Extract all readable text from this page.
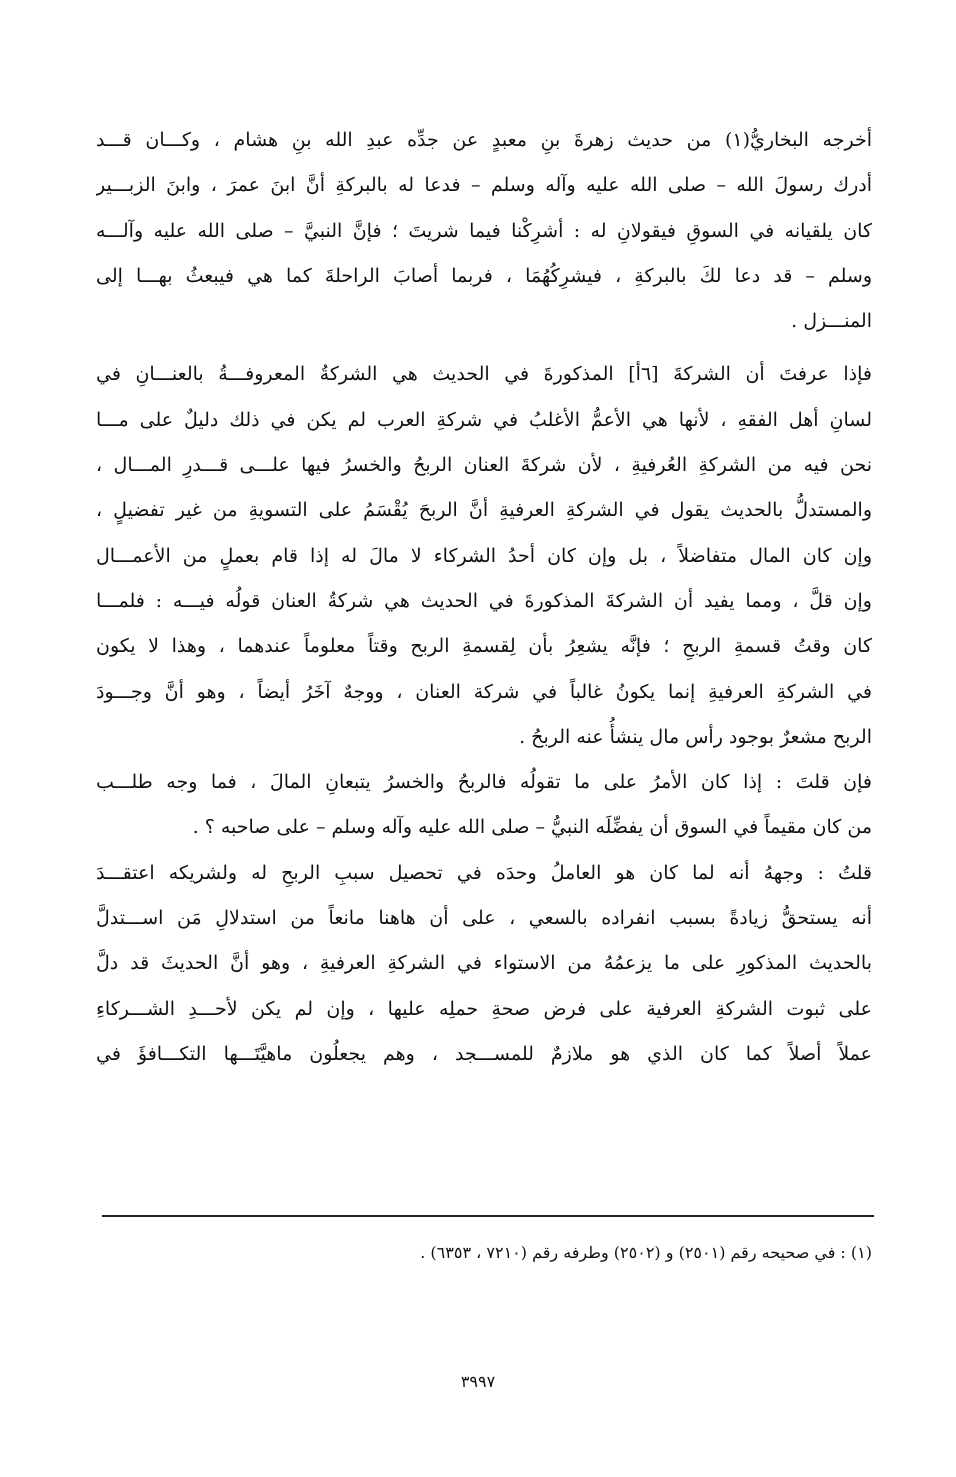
أخرجه البخاريُّ(١) من حديث زهرةَ بنِ معبدٍ عن جدِّه عبدِ الله بنِ هشام ، وكـــان قـــد
أدرك رسولَ الله – صلى الله عليه وآله وسلم – فدعا له بالبركةِ أنَّ ابنَ عمرَ ، وابنَ الزبـــير
كان يلقيانه في السوقِ فيقولانِ له : أشرِكْنا فيما شريتَ ؛ فإنَّ النبيَّ – صلى الله عليه وآلـــه
وسلم – قد دعا لكَ بالبركةِ ، فيشرِكُهُمَا ، فربما أصابَ الراحلةَ كما هي فيبعثُ بهـــا إلى
المنـــزل .
فإذا عرفتَ أن الشركةَ [٦أ] المذكورةَ في الحديث هي الشركةُ المعروفـــةُ بالعنـــانِ في
لسانِ أهل الفقهِ ، لأنها هي الأعمُّ الأغلبُ في شركةِ العرب لم يكن في ذلك دليلٌ على مـــا
نحن فيه من الشركةِ العُرفيةِ ، لأن شركةَ العنان الربحُ والخسرُ فيها علـــى قـــدرِ المـــال ،
والمستدلُّ بالحديث يقول في الشركةِ العرفيةِ أنَّ الربحَ يُقْسَمُ على التسويةِ من غير تفضيلٍ ،
وإن كان المال متفاضلاً ، بل وإن كان أحدُ الشركاء لا مالَ له إذا قام بعملٍ من الأعمـــال
وإن قلَّ ، ومما يفيد أن الشركةَ المذكورةَ في الحديث هي شركةُ العنان قولُه فيـــه : فلمـــا
كان وقتُ قسمةِ الربحِ ؛ فإنَّه يشعِرُ بأن لِقسمةِ الربح وقتاً معلوماً عندهما ، وهذا لا يكون
في الشركةِ العرفيةِ إنما يكونُ غالباً في شركة العنان ، ووجهٌ آخَرُ أيضاً ، وهو أنَّ وجـــودَ
الربح مشعرٌ بوجود رأس مال ينشأُ عنه الربحُ .
فإن قلتَ : إذا كان الأمرُ على ما تقولُه فالربحُ والخسرُ يتبعانِ المالَ ، فما وجه طلـــب
من كان مقيماً في السوق أن يفضِّلَه النبيُّ – صلى الله عليه وآله وسلم – على صاحبه ؟ .
قلتُ : وجههُ أنه لما كان هو العاملُ وحدَه في تحصيل سببِ الربحِ له ولشريكه اعتقـــدَ
أنه يستحقُّ زيادةً بسبب انفراده بالسعي ، على أن هاهنا مانعاً من استدلالِ مَن اســـتدلَّ
بالحديث المذكورِ على ما يزعمُهُ من الاستواء في الشركةِ العرفيةِ ، وهو أنَّ الحديثَ قد دلَّ
على ثبوت الشركةِ العرفية على فرض صحةِ حملِه عليها ، وإن لم يكن لأحـــدِ الشـــركاءِ
عملاً أصلاً كما كان الذي هو ملازمٌ للمســـجد ، وهم يجعلُون ماهيَّتَـــها التكـــافؤَ في
(١) : في صحيحه رقم (٢٥٠١) و (٢٥٠٢) وطرفه رقم (٧٢١٠ ، ٦٣٥٣) .
٣٩٩٧
